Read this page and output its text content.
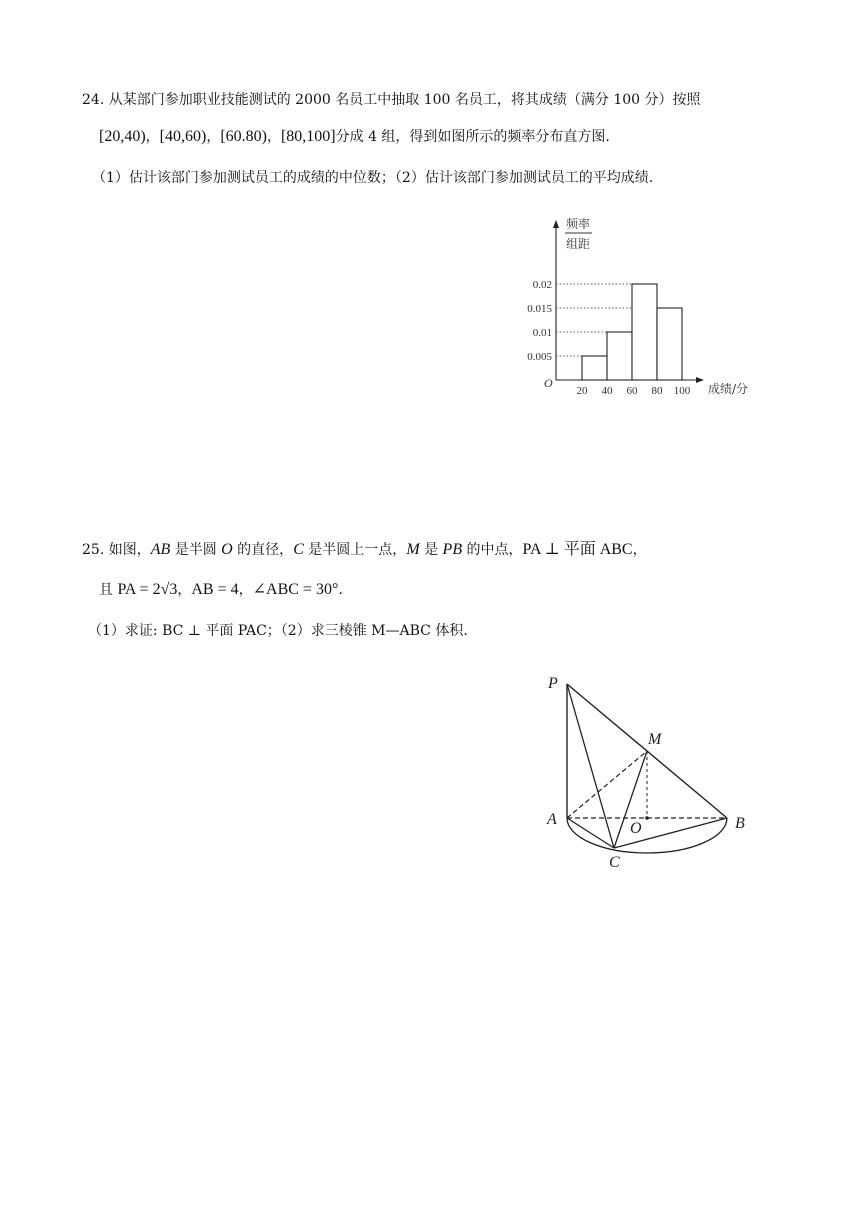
24. 从某部门参加职业技能测试的 2000 名员工中抽取 100 名员工，将其成绩（满分 100 分）按照
[20,40)，[40,60)，[60.80)，[80,100]分成 4 组，得到如图所示的频率分布直方图.
（1）估计该部门参加测试员工的成绩的中位数；（2）估计该部门参加测试员工的平均成绩.
频率
组距
O	成绩/分
0.005
0.01
0.015
0.02
20 40 60 80 100
25. 如图，AB 是半圆 O 的直径，C 是半圆上一点，M 是 PB 的中点，PA ⊥ 平面 ABC，
且 PA = 2√3，AB = 4，∠ABC = 30°.
（1）求证: BC ⊥ 平面 PAC；（2）求三棱锥 M—ABC 体积.
P
M
A
O	B
C
